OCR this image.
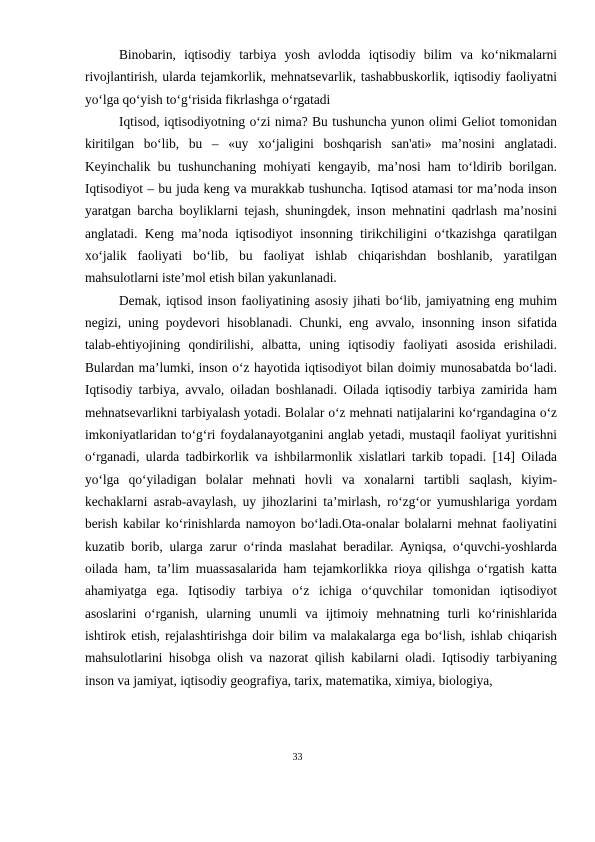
Binobarin, iqtisodiy tarbiya yosh avlodda iqtisodiy bilim va ko‘nikmalarni rivojlantirish, ularda tejamkorlik, mehnatsevarlik, tashabbuskorlik, iqtisodiy faoliyatni yo‘lga qo‘yish to‘g‘risida fikrlashga o‘rgatadi

Iqtisod, iqtisodiyotning o‘zi nima? Bu tushuncha yunon olimi Geliot tomonidan kiritilgan bo‘lib, bu – «uy xo‘jaligini boshqarish san'ati» ma’nosini anglatadi. Keyinchalik bu tushunchaning mohiyati kengayib, ma’nosi ham to‘ldirib borilgan. Iqtisodiyot – bu juda keng va murakkab tushuncha. Iqtisod atamasi tor ma’noda inson yaratgan barcha boyliklarni tejash, shuningdek, inson mehnatini qadrlash ma’nosini anglatadi. Keng ma’noda iqtisodiyot insonning tirikchiligini o‘tkazishga qaratilgan xo‘jalik faoliyati bo‘lib, bu faoliyat ishlab chiqarishdan boshlanib, yaratilgan mahsulotlarni iste’mol etish bilan yakunlanadi.

Demak, iqtisod inson faoliyatining asosiy jihati bo‘lib, jamiyatning eng muhim negizi, uning poydevori hisoblanadi. Chunki, eng avvalo, insonning inson sifatida talab-ehtiyojining qondirilishi, albatta, uning iqtisodiy faoliyati asosida erishiladi. Bulardan ma’lumki, inson o‘z hayotida iqtisodiyot bilan doimiy munosabatda bo‘ladi. Iqtisodiy tarbiya, avvalo, oiladan boshlanadi. Oilada iqtisodiy tarbiya zamirida ham mehnatsevarlikni tarbiyalash yotadi. Bolalar o‘z mehnati natijalarini ko‘rgandagina o‘z imkoniyatlaridan to‘g‘ri foydalanayotganini anglab yetadi, mustaqil faoliyat yuritishni o‘rganadi, ularda tadbirkorlik va ishbilarmonlik xislatlari tarkib topadi. [14] Oilada yo‘lga qo‘yiladigan bolalar mehnati hovli va xonalarni tartibli saqlash, kiyim-kechaklarni asrab-avaylash, uy jihozlarini ta’mirlash, ro‘zg‘or yumushlariga yordam berish kabilar ko‘rinishlarda namoyon bo‘ladi.Ota-onalar bolalarni mehnat faoliyatini kuzatib borib, ularga zarur o‘rinda maslahat beradilar. Ayniqsa, o‘quvchi-yoshlarda oilada ham, ta’lim muassasalarida ham tejamkorlikka rioya qilishga o‘rgatish katta ahamiyatga ega. Iqtisodiy tarbiya o‘z ichiga o‘quvchilar tomonidan iqtisodiyot asoslarini o‘rganish, ularning unumli va ijtimoiy mehnatning turli ko‘rinishlarida ishtirok etish, rejalashtirishga doir bilim va malakalarga ega bo‘lish, ishlab chiqarish mahsulotlarini hisobga olish va nazorat qilish kabilarni oladi. Iqtisodiy tarbiyaning inson va jamiyat, iqtisodiy geografiya, tarix, matematika, ximiya, biologiya,

33
